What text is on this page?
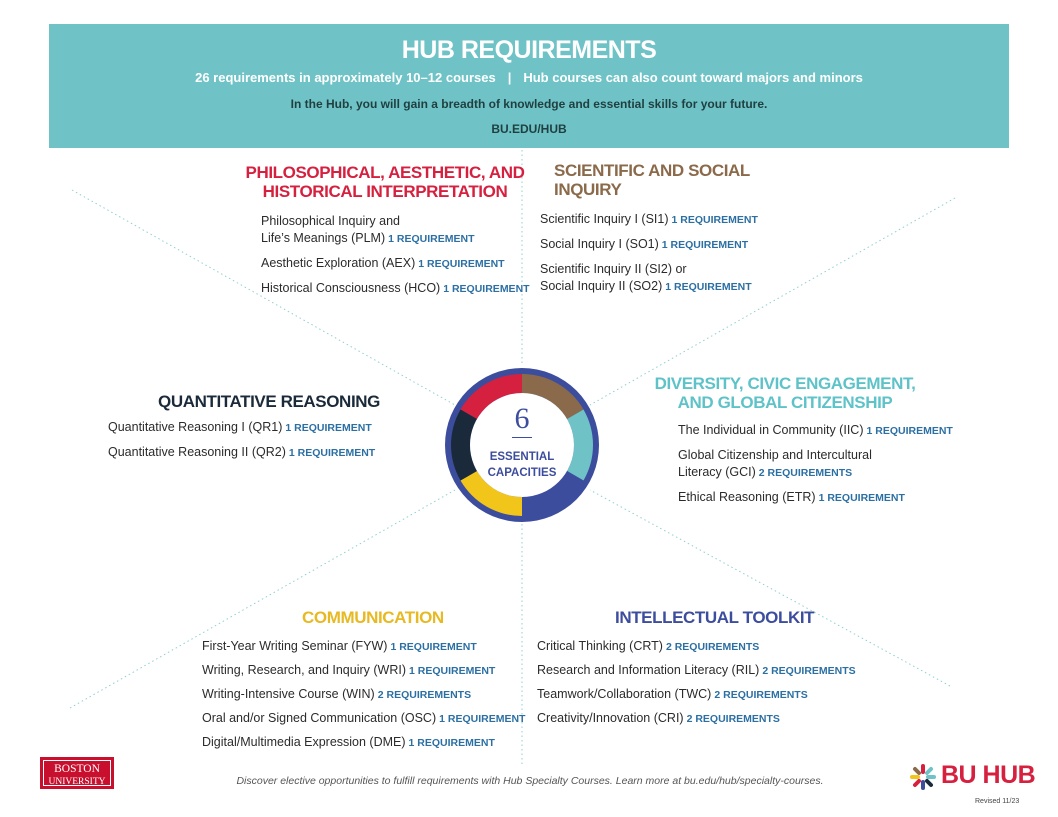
HUB REQUIREMENTS
26 requirements in approximately 10–12 courses | Hub courses can also count toward majors and minors
In the Hub, you will gain a breadth of knowledge and essential skills for your future.
BU.EDU/HUB
PHILOSOPHICAL, AESTHETIC, AND
HISTORICAL INTERPRETATION
Philosophical Inquiry and
Life’s Meanings (PLM) 1 REQUIREMENT
Aesthetic Exploration (AEX) 1 REQUIREMENT
Historical Consciousness (HCO) 1 REQUIREMENT
SCIENTIFIC AND SOCIAL INQUIRY
Scientific Inquiry I (SI1) 1 REQUIREMENT
Social Inquiry I (SO1) 1 REQUIREMENT
Scientific Inquiry II (SI2) or
Social Inquiry II (SO2) 1 REQUIREMENT
QUANTITATIVE REASONING
Quantitative Reasoning I (QR1) 1 REQUIREMENT
Quantitative Reasoning II (QR2) 1 REQUIREMENT
DIVERSITY, CIVIC ENGAGEMENT,
AND GLOBAL CITIZENSHIP
The Individual in Community (IIC) 1 REQUIREMENT
Global Citizenship and Intercultural
Literacy (GCI) 2 REQUIREMENTS
Ethical Reasoning (ETR) 1 REQUIREMENT
COMMUNICATION
First-Year Writing Seminar (FYW) 1 REQUIREMENT
Writing, Research, and Inquiry (WRI) 1 REQUIREMENT
Writing-Intensive Course (WIN) 2 REQUIREMENTS
Oral and/or Signed Communication (OSC) 1 REQUIREMENT
Digital/Multimedia Expression (DME) 1 REQUIREMENT
INTELLECTUAL TOOLKIT
Critical Thinking (CRT) 2 REQUIREMENTS
Research and Information Literacy (RIL) 2 REQUIREMENTS
Teamwork/Collaboration (TWC) 2 REQUIREMENTS
Creativity/Innovation (CRI) 2 REQUIREMENTS
6
ESSENTIAL
CAPACITIES
BOSTON
UNIVERSITY	Discover elective opportunities to fulfill requirements with Hub Specialty Courses. Learn more at bu.edu/hub/specialty-courses.	BU HUB
Revised 11/23
